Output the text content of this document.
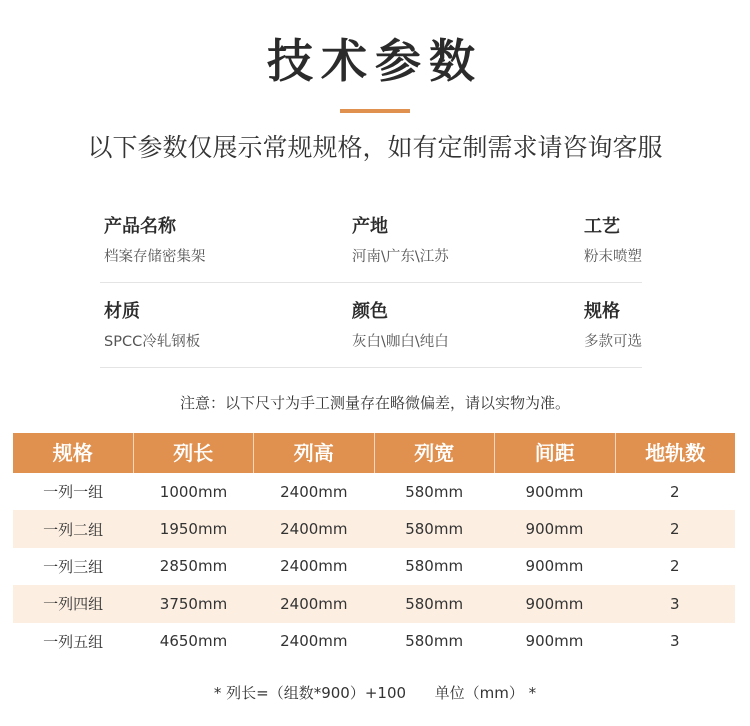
技术参数
以下参数仅展示常规规格，如有定制需求请咨询客服
产品名称
档案存储密集架
产地
河南\广东\江苏
工艺
粉末喷塑
材质
SPCC冷轧钢板
颜色
灰白\咖白\纯白
规格
多款可选
注意：以下尺寸为手工测量存在略微偏差，请以实物为准。
规格	列长	列高	列宽	间距	地轨数
一列一组	1000mm	2400mm	580mm	900mm	2
一列二组	1950mm	2400mm	580mm	900mm	2
一列三组	2850mm	2400mm	580mm	900mm	2
一列四组	3750mm	2400mm	580mm	900mm	3
一列五组	4650mm	2400mm	580mm	900mm	3
* 列长=（组数*900）+100      单位（mm） *
